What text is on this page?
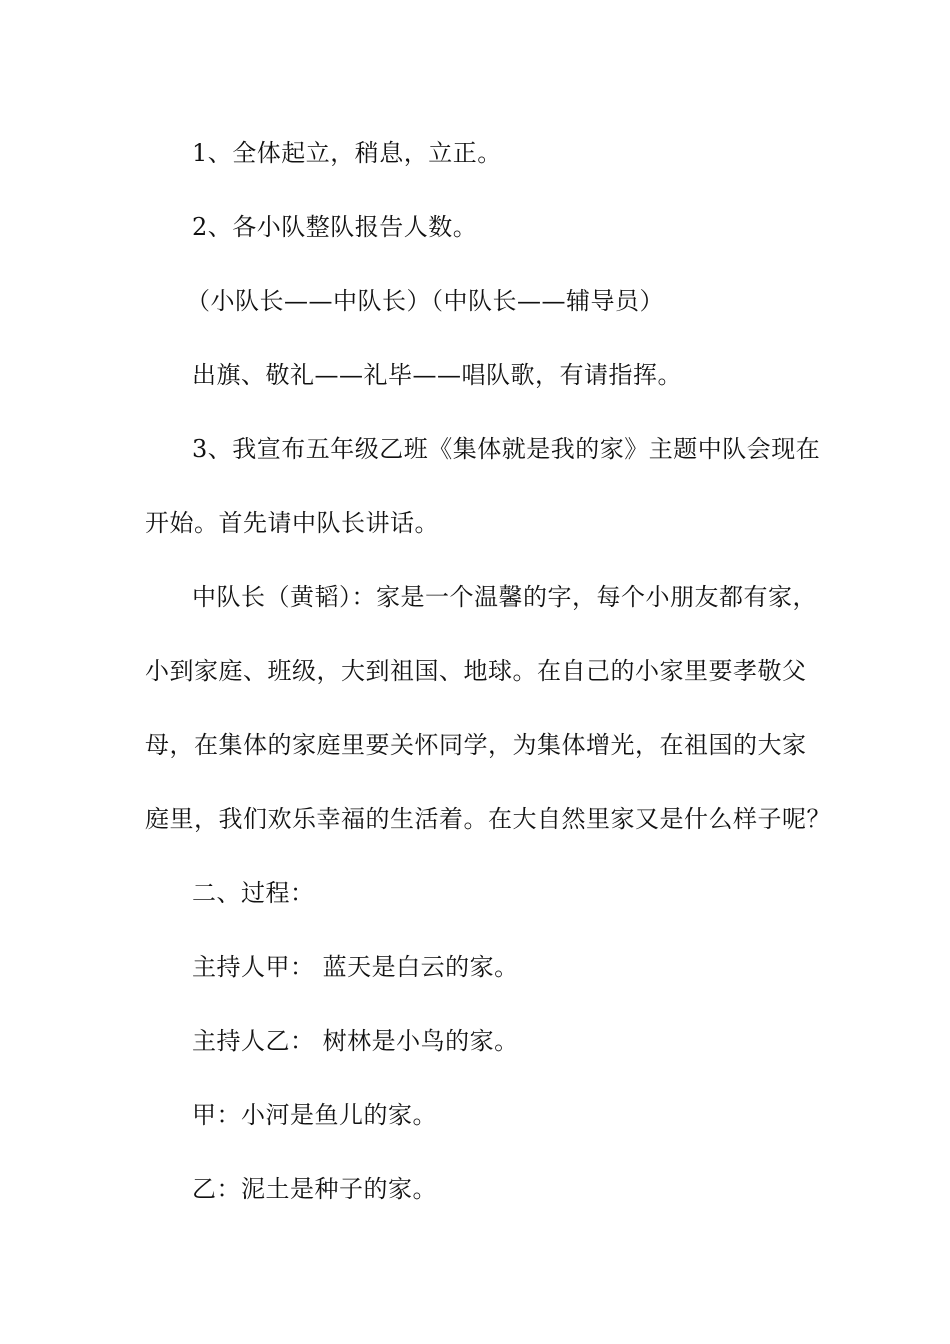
1、全体起立，稍息，立正。
2、各小队整队报告人数。
（小队长——中队长）（中队长——辅导员）
出旗、敬礼——礼毕——唱队歌，有请指挥。
3、我宣布五年级乙班《集体就是我的家》主题中队会现在
开始。首先请中队长讲话。
中队长（黄韬）：家是一个温馨的字，每个小朋友都有家，
小到家庭、班级，大到祖国、地球。在自己的小家里要孝敬父
母，在集体的家庭里要关怀同学，为集体增光，在祖国的大家
庭里，我们欢乐幸福的生活着。在大自然里家又是什么样子呢？
二、过程：
主持人甲： 蓝天是白云的家。
主持人乙： 树林是小鸟的家。
甲：小河是鱼儿的家。
乙：泥土是种子的家。
